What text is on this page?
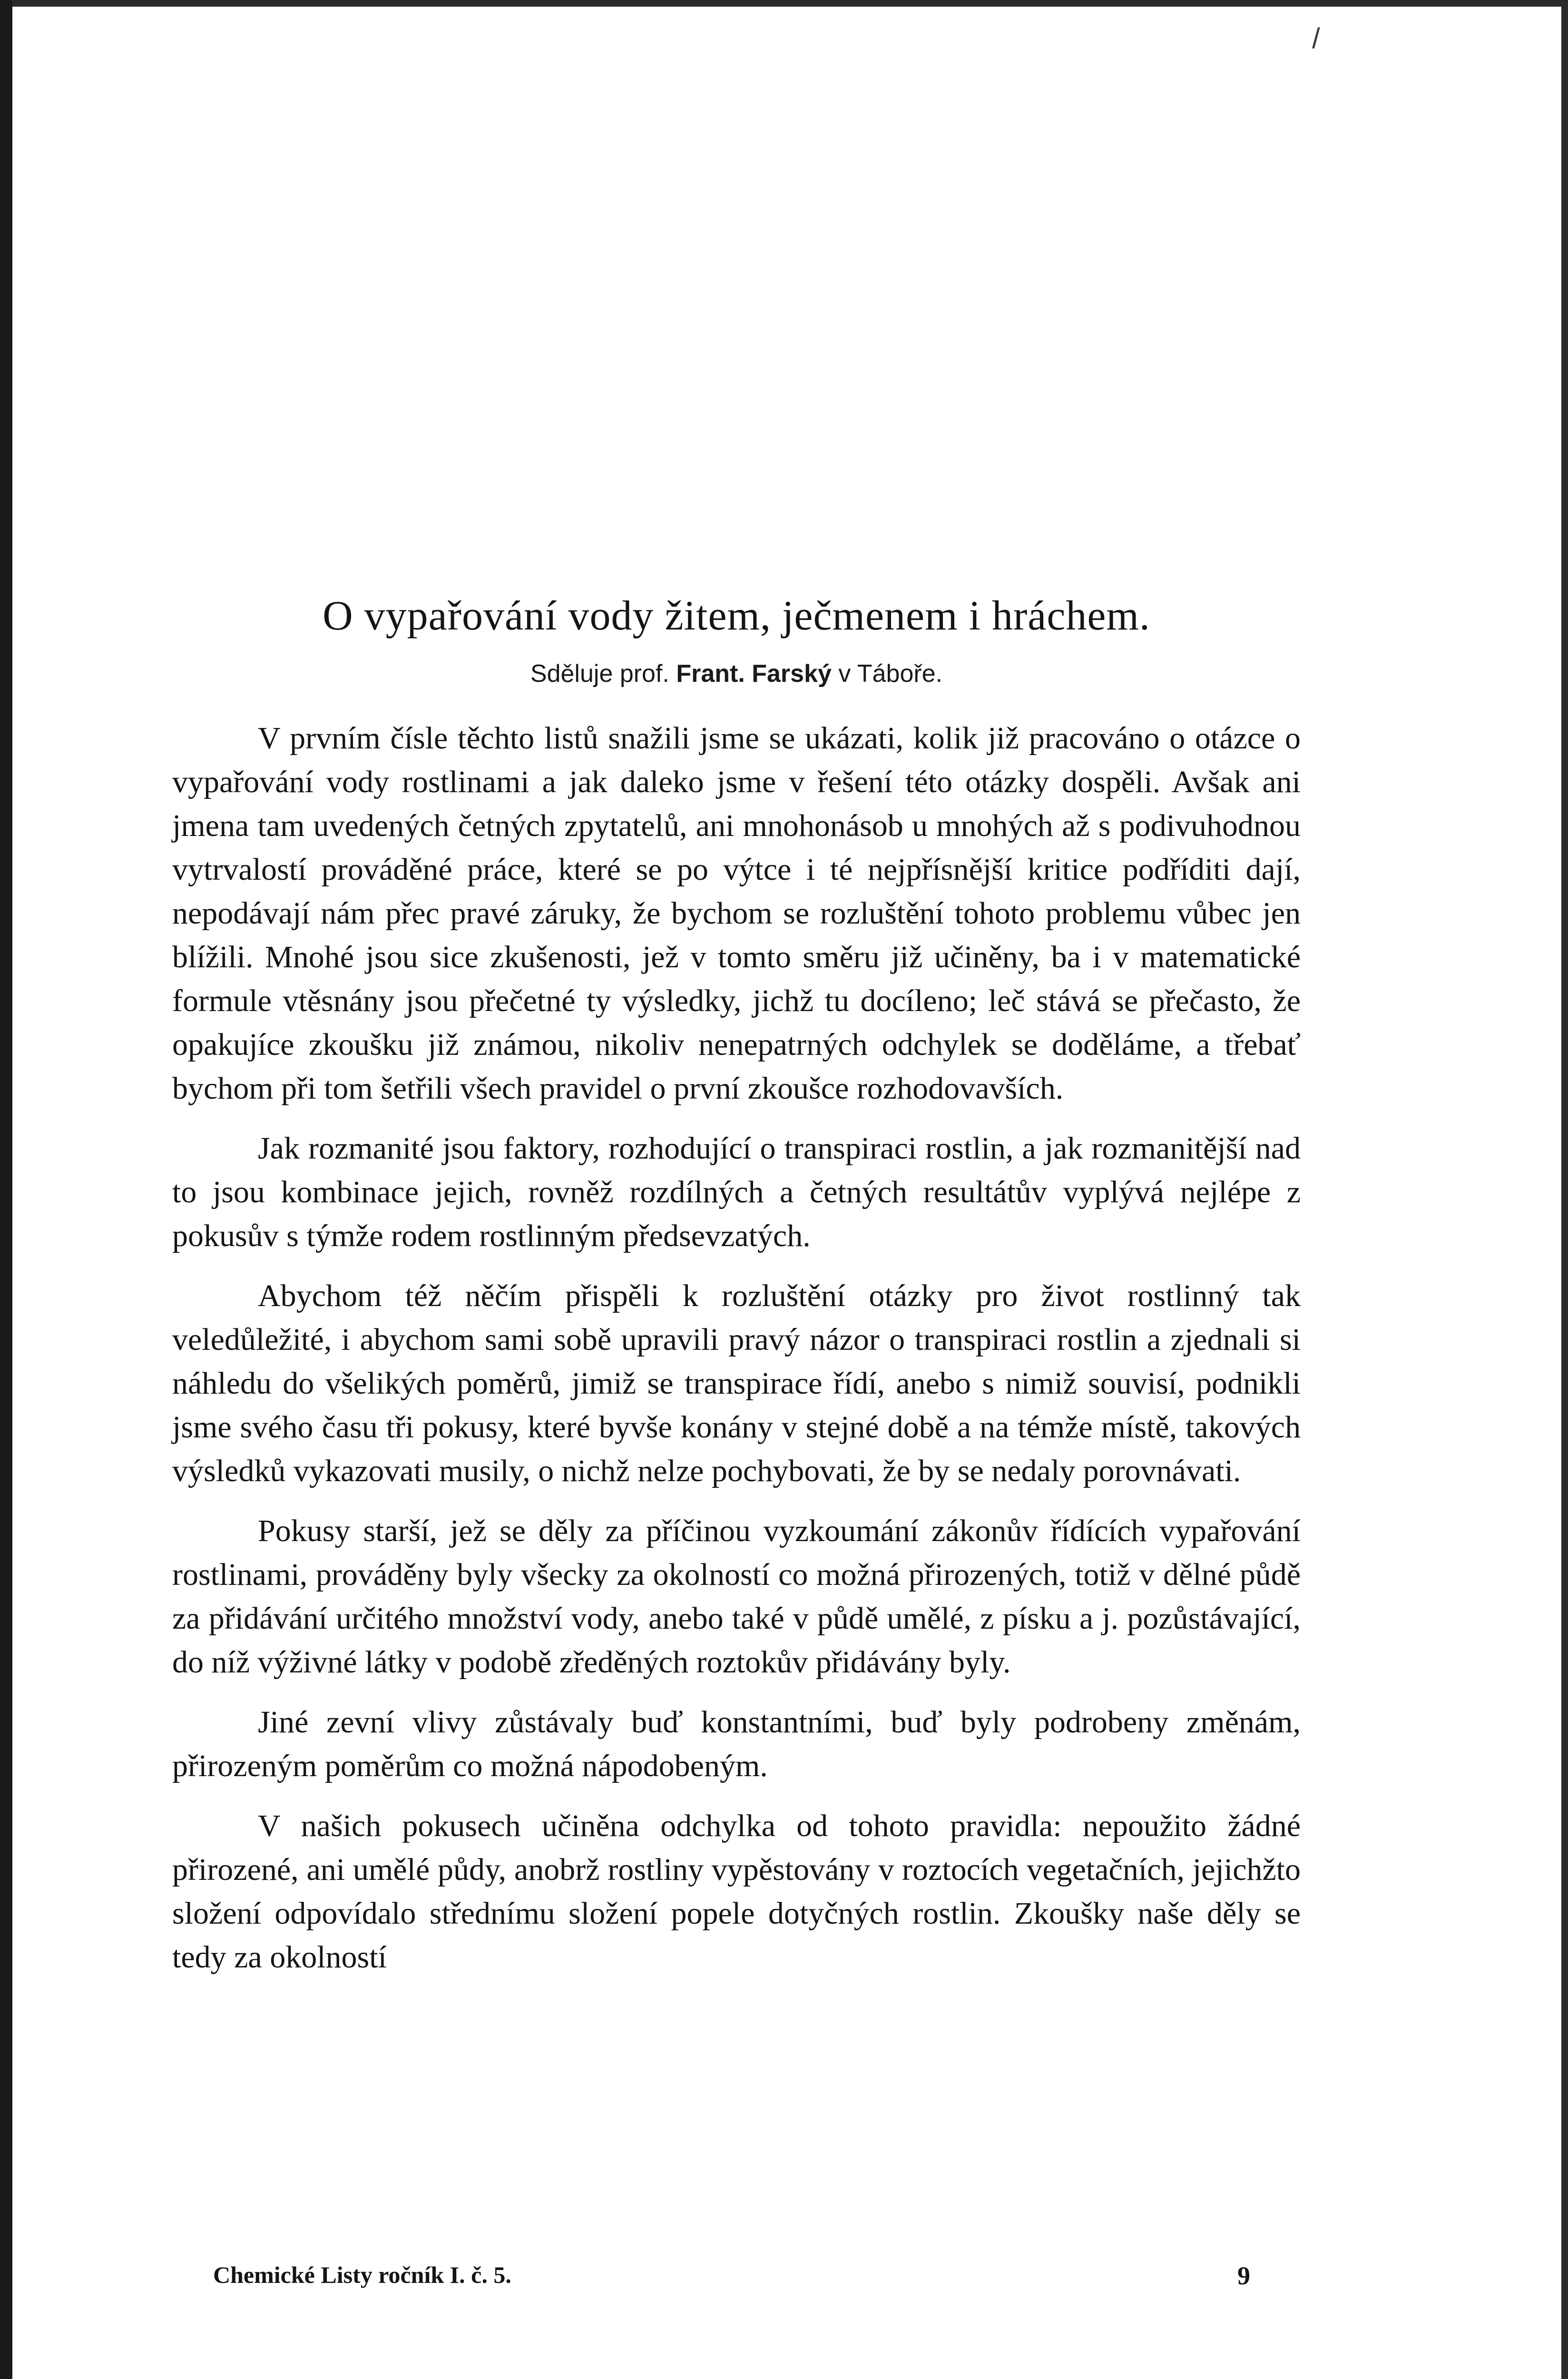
/
O vypařování vody žitem, ječmenem i hráchem.
Sděluje prof. Frant. Farský v Táboře.

V prvním čísle těchto listů snažili jsme se ukázati, kolik již pracováno o otázce o vypařování vody rostlinami a jak daleko jsme v řešení této otázky dospěli. Avšak ani jmena tam uvedených četných zpytatelů, ani mnohonásob u mnohých až s podivuhodnou vytrvalostí prováděné práce, které se po výtce i té nejpřísnější kritice podříditi dají, nepodávají nám přec pravé záruky, že bychom se rozluštění tohoto problemu vůbec jen blížili. Mnohé jsou sice zkušenosti, jež v tomto směru již učiněny, ba i v matematické formule vtěsnány jsou přečetné ty výsledky, jichž tu docíleno; leč stává se přečasto, že opakujíce zkoušku již známou, nikoliv nenepatrných odchylek se doděláme, a třebať bychom při tom šetřili všech pravidel o první zkoušce rozhodovavších.

Jak rozmanité jsou faktory, rozhodující o transpiraci rostlin, a jak rozmanitější nad to jsou kombinace jejich, rovněž rozdílných a četných resultátův vyplývá nejlépe z pokusův s týmže rodem rostlinným předsevzatých.

Abychom též něčím přispěli k rozluštění otázky pro život rostlinný tak veledůležité, i abychom sami sobě upravili pravý názor o transpiraci rostlin a zjednali si náhledu do všelikých poměrů, jimiž se transpirace řídí, anebo s nimiž souvisí, podnikli jsme svého času tři pokusy, které byvše konány v stejné době a na témže místě, takových výsledků vykazovati musily, o nichž nelze pochybovati, že by se nedaly porovnávati.

Pokusy starší, jež se děly za příčinou vyzkoumání zákonův řídících vypařování rostlinami, prováděny byly všecky za okolností co možná přirozených, totiž v dělné půdě za přidávání určitého množství vody, anebo také v půdě umělé, z písku a j. pozůstávající, do níž výživné látky v podobě zředěných roztokův přidávány byly.

Jiné zevní vlivy zůstávaly buď konstantními, buď byly podrobeny změnám, přirozeným poměrům co možná nápodobeným.

V našich pokusech učiněna odchylka od tohoto pravidla: nepoužito žádné přirozené, ani umělé půdy, anobrž rostliny vypěstovány v roztocích vegetačních, jejichžto složení odpovídalo střednímu složení popele dotyčných rostlin. Zkoušky naše děly se tedy za okolností

Chemické Listy ročník I. č. 5.	9
